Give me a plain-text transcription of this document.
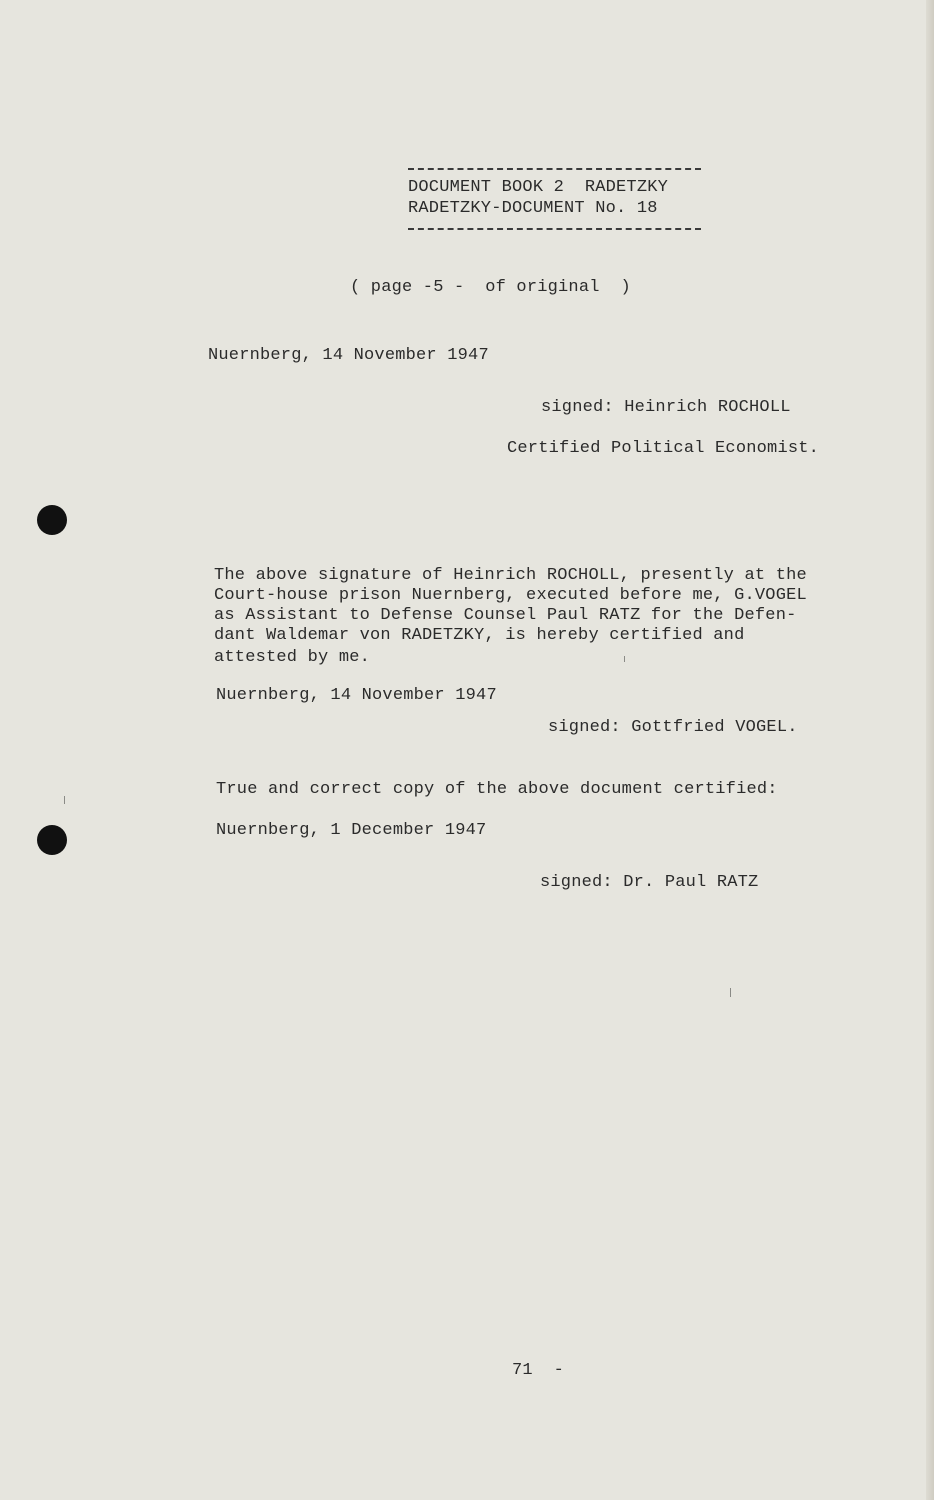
DOCUMENT BOOK 2  RADETZKY
RADETZKY-DOCUMENT No. 18
( page -5 -  of original  )
Nuernberg, 14 November 1947
signed: Heinrich ROCHOLL
Certified Political Economist.
The above signature of Heinrich ROCHOLL, presently at the
Court-house prison Nuernberg, executed before me, G.VOGEL
as Assistant to Defense Counsel Paul RATZ for the Defen-
dant Waldemar von RADETZKY, is hereby certified and
attested by me.
Nuernberg, 14 November 1947
signed: Gottfried VOGEL.
True and correct copy of the above document certified:
Nuernberg, 1 December 1947
signed: Dr. Paul RATZ
71  -
